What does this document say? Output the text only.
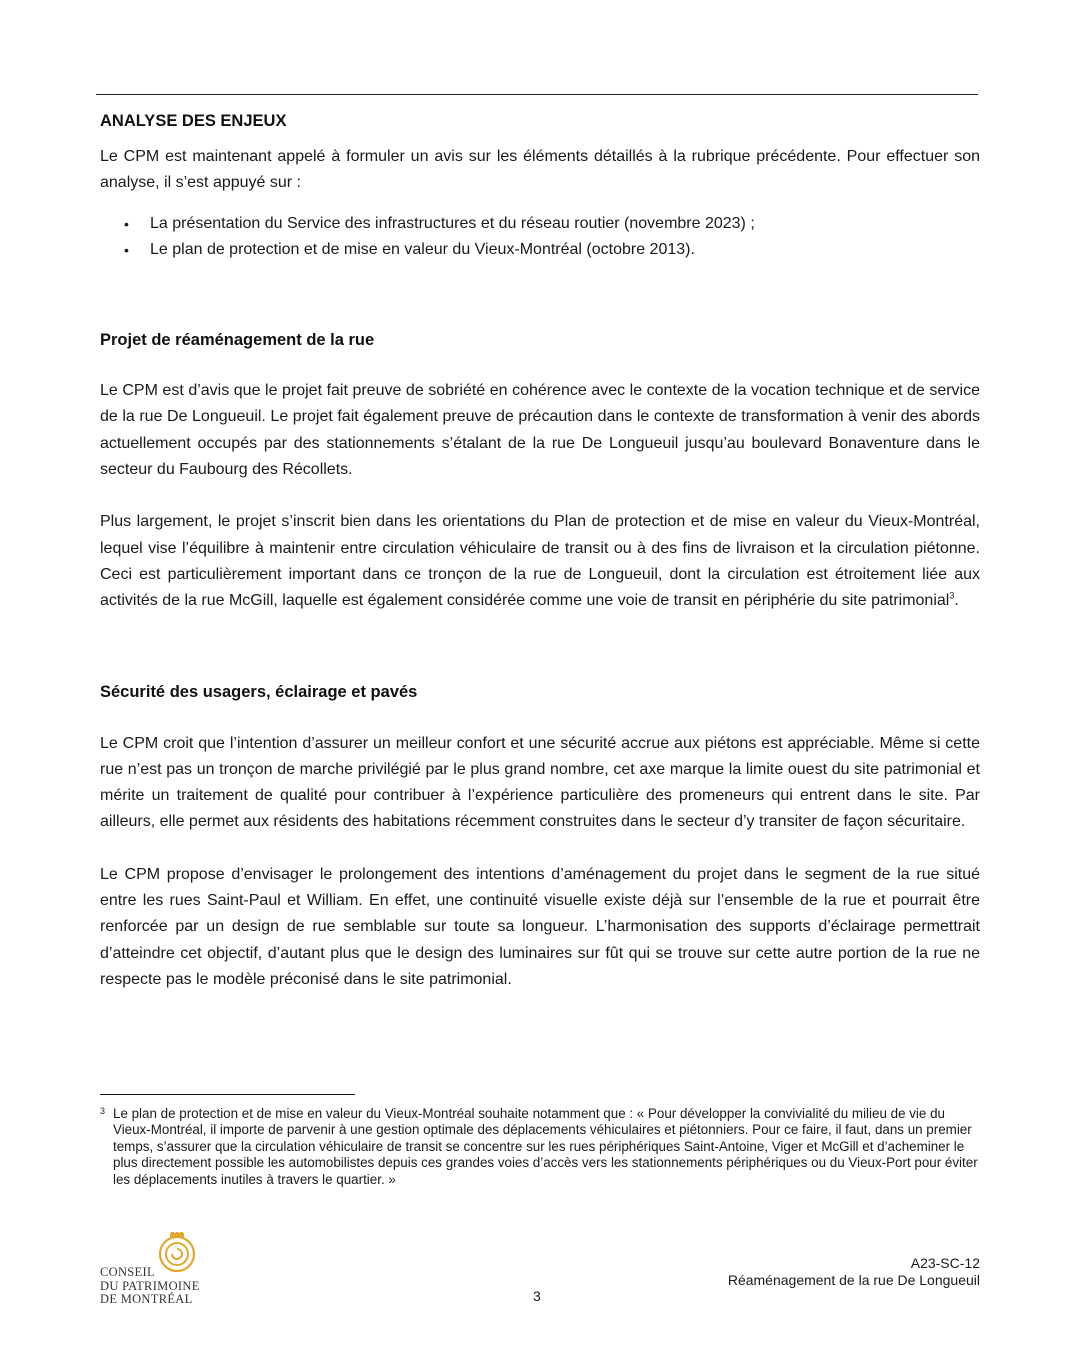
ANALYSE DES ENJEUX

Le CPM est maintenant appelé à formuler un avis sur les éléments détaillés à la rubrique précédente. Pour effectuer son analyse, il s’est appuyé sur :

• La présentation du Service des infrastructures et du réseau routier (novembre 2023) ;
• Le plan de protection et de mise en valeur du Vieux-Montréal (octobre 2013).
Projet de réaménagement de la rue

Le CPM est d’avis que le projet fait preuve de sobriété en cohérence avec le contexte de la vocation technique et de service de la rue De Longueuil. Le projet fait également preuve de précaution dans le contexte de transformation à venir des abords actuellement occupés par des stationnements s’étalant de la rue De Longueuil jusqu’au boulevard Bonaventure dans le secteur du Faubourg des Récollets.

Plus largement, le projet s’inscrit bien dans les orientations du Plan de protection et de mise en valeur du Vieux-Montréal, lequel vise l’équilibre à maintenir entre circulation véhiculaire de transit ou à des fins de livraison et la circulation piétonne. Ceci est particulièrement important dans ce tronçon de la rue de Longueuil, dont la circulation est étroitement liée aux activités de la rue McGill, laquelle est également considérée comme une voie de transit en périphérie du site patrimonial$^3$.

Sécurité des usagers, éclairage et pavés

Le CPM croit que l’intention d’assurer un meilleur confort et une sécurité accrue aux piétons est appréciable. Même si cette rue n’est pas un tronçon de marche privilégié par le plus grand nombre, cet axe marque la limite ouest du site patrimonial et mérite un traitement de qualité pour contribuer à l’expérience particulière des promeneurs qui entrent dans le site. Par ailleurs, elle permet aux résidents des habitations récemment construites dans le secteur d’y transiter de façon sécuritaire.

Le CPM propose d’envisager le prolongement des intentions d’aménagement du projet dans le segment de la rue situé entre les rues Saint-Paul et William. En effet, une continuité visuelle existe déjà sur l’ensemble de la rue et pourrait être renforcée par un design de rue semblable sur toute sa longueur. L’harmonisation des supports d’éclairage permettrait d’atteindre cet objectif, d’autant plus que le design des luminaires sur fût qui se trouve sur cette autre portion de la rue ne respecte pas le modèle préconisé dans le site patrimonial.

3 Le plan de protection et de mise en valeur du Vieux-Montréal souhaite notamment que : « Pour développer la convivialité du milieu de vie du Vieux-Montréal, il importe de parvenir à une gestion optimale des déplacements véhiculaires et piétonniers. Pour ce faire, il faut, dans un premier temps, s’assurer que la circulation véhiculaire de transit se concentre sur les rues périphériques Saint-Antoine, Viger et McGill et d’acheminer le plus directement possible les automobilistes depuis ces grandes voies d’accès vers les stationnements périphériques ou du Vieux-Port pour éviter les déplacements inutiles à travers le quartier. »
CONSEIL
DU PATRIMOINE
DE MONTRÉAL	3
A23-SC-12
Réaménagement de la rue De Longueuil
